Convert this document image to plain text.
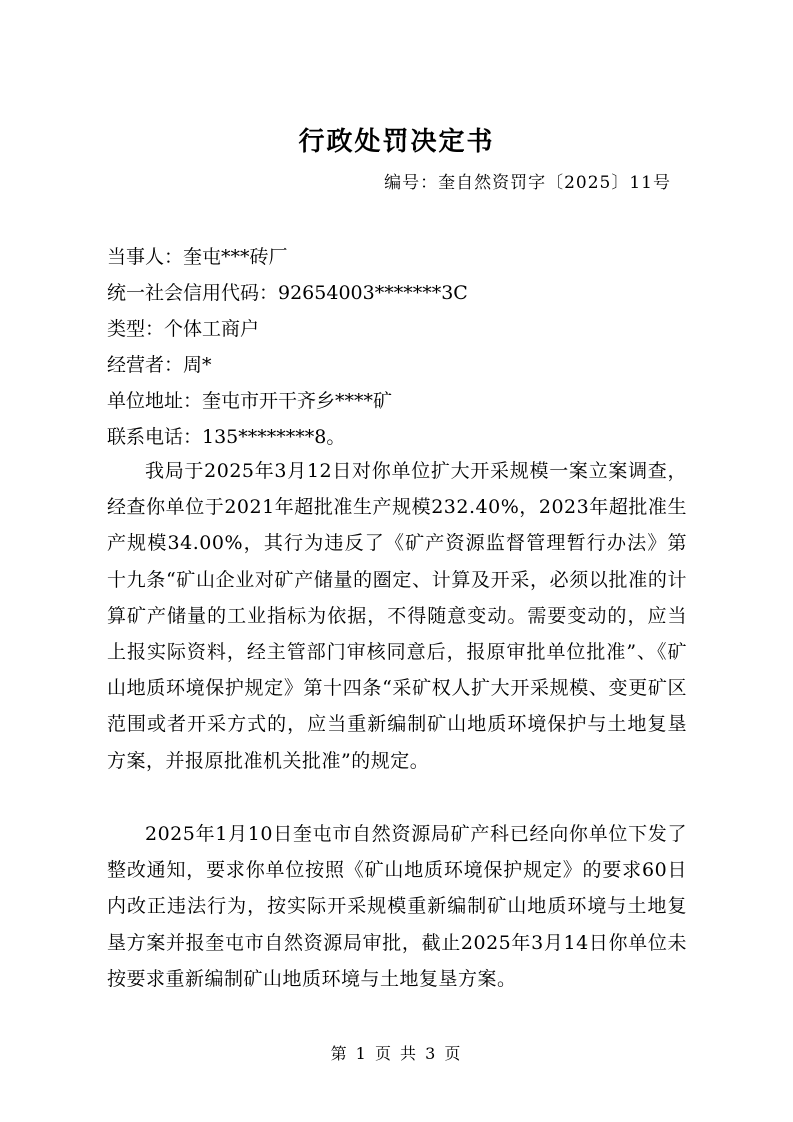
行政处罚决定书
编号：奎自然资罚字〔2025〕11号
当事人：奎屯***砖厂
统一社会信用代码：92654003*******3C
类型：个体工商户
经营者：周*
单位地址：奎屯市开干齐乡****矿
联系电话：135********8。
我局于2025年3月12日对你单位扩大开采规模一案立案调查，经查你单位于2021年超批准生产规模232.40%，2023年超批准生产规模34.00%，其行为违反了《矿产资源监督管理暂行办法》第十九条“矿山企业对矿产储量的圈定、计算及开采，必须以批准的计算矿产储量的工业指标为依据，不得随意变动。需要变动的，应当上报实际资料，经主管部门审核同意后，报原审批单位批准”、《矿山地质环境保护规定》第十四条“采矿权人扩大开采规模、变更矿区范围或者开采方式的，应当重新编制矿山地质环境保护与土地复垦方案，并报原批准机关批准”的规定。
2025年1月10日奎屯市自然资源局矿产科已经向你单位下发了整改通知，要求你单位按照《矿山地质环境保护规定》的要求60日内改正违法行为，按实际开采规模重新编制矿山地质环境与土地复垦方案并报奎屯市自然资源局审批，截止2025年3月14日你单位未按要求重新编制矿山地质环境与土地复垦方案。
第 1 页 共 3 页
